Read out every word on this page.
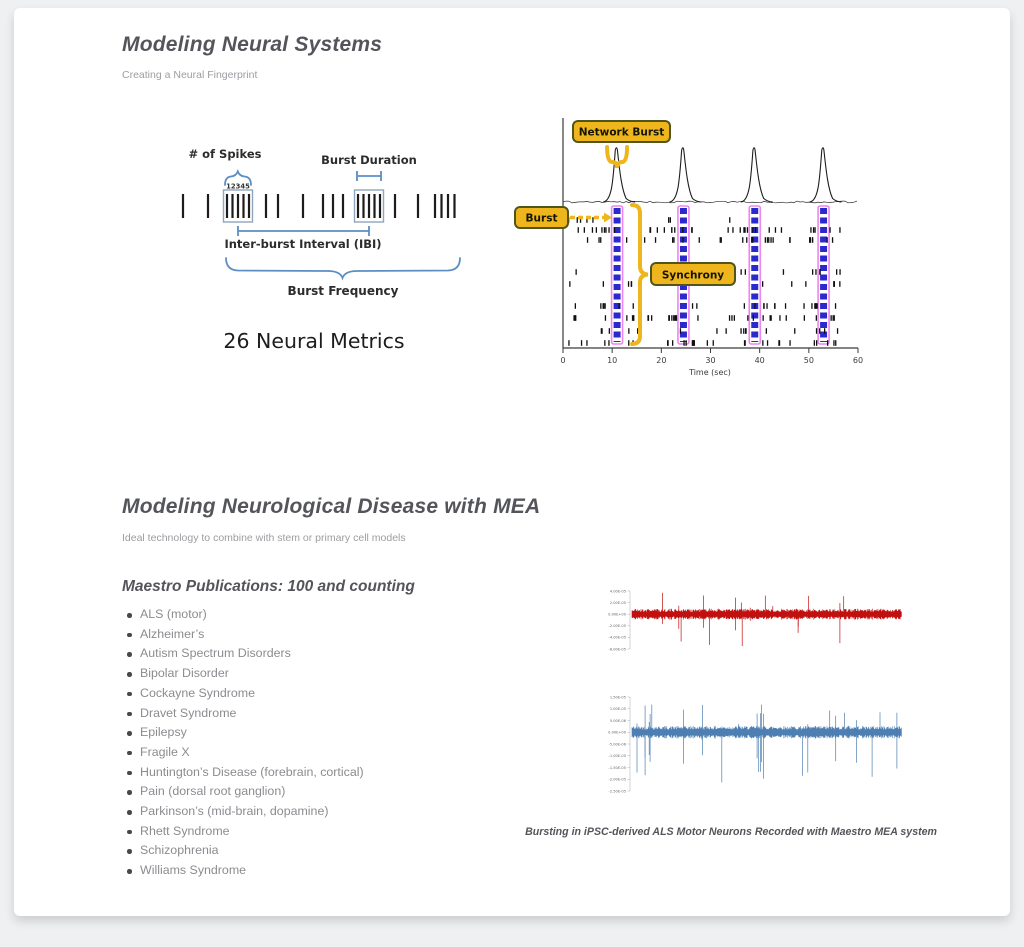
Modeling Neural Systems
Creating a Neural Fingerprint
# of Spikes
12345
Burst Duration
Inter-burst Interval (IBI)
Burst Frequency
26 Neural Metrics
0	10	20	30	40	50	60
Time (sec)
Network Burst
Burst
Synchrony
Modeling Neurological Disease with MEA
Ideal technology to combine with stem or primary cell models
Maestro Publications: 100 and counting
ALS (motor)
Alzheimer’s
Autism Spectrum Disorders
Bipolar Disorder
Cockayne Syndrome
Dravet Syndrome
Epilepsy
Fragile X
Huntington’s Disease (forebrain, cortical)
Pain (dorsal root ganglion)
Parkinson’s (mid-brain, dopamine)
Rhett Syndrome
Schizophrenia
Williams Syndrome
4.00E-05
2.00E-05
0.00E+00
-2.00E-05
-4.00E-05
-6.00E-05
1.50E-05
1.00E-05
5.00E-06
0.00E+00
-5.00E-06
-1.00E-05
-1.50E-05
-2.00E-05
-2.50E-05
Bursting in iPSC-derived ALS Motor Neurons Recorded with Maestro MEA system
